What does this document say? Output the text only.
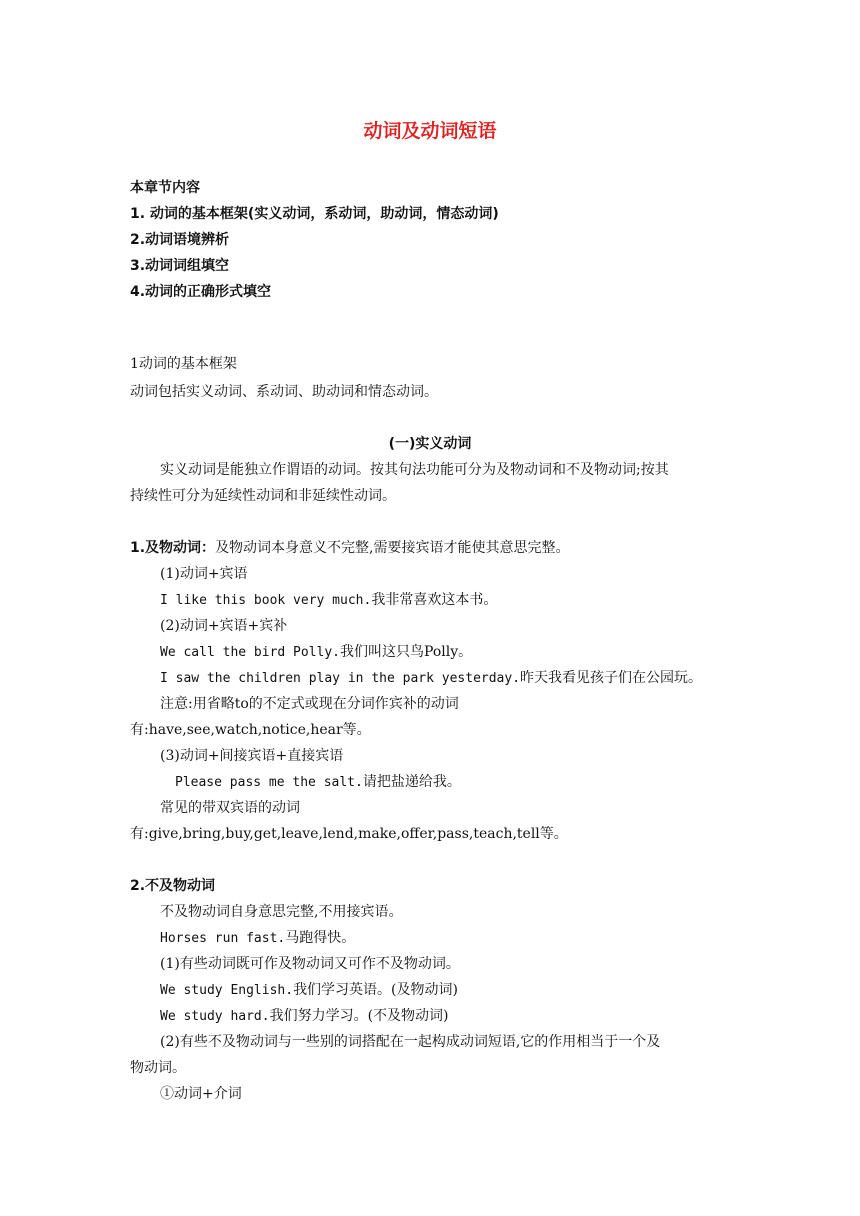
动词及动词短语
本章节内容
1. 动词的基本框架(实义动词，系动词，助动词，情态动词)
2.动词语境辨析
3.动词词组填空
4.动词的正确形式填空
1动词的基本框架
动词包括实义动词、系动词、助动词和情态动词。
(一)实义动词
实义动词是能独立作谓语的动词。按其句法功能可分为及物动词和不及物动词;按其
持续性可分为延续性动词和非延续性动词。
1.及物动词：及物动词本身意义不完整,需要接宾语才能使其意思完整。
(1)动词+宾语
I like this book very much.我非常喜欢这本书。
(2)动词+宾语+宾补
We call the bird Polly.我们叫这只鸟Polly。
I saw the children play in the park yesterday.昨天我看见孩子们在公园玩。
注意:用省略to的不定式或现在分词作宾补的动词
有:have,see,watch,notice,hear等。
(3)动词+间接宾语+直接宾语
Please pass me the salt.请把盐递给我。
常见的带双宾语的动词
有:give,bring,buy,get,leave,lend,make,offer,pass,teach,tell等。
2.不及物动词
不及物动词自身意思完整,不用接宾语。
Horses run fast.马跑得快。
(1)有些动词既可作及物动词又可作不及物动词。
We study English.我们学习英语。(及物动词)
We study hard.我们努力学习。(不及物动词)
(2)有些不及物动词与一些别的词搭配在一起构成动词短语,它的作用相当于一个及
物动词。
①动词+介词
